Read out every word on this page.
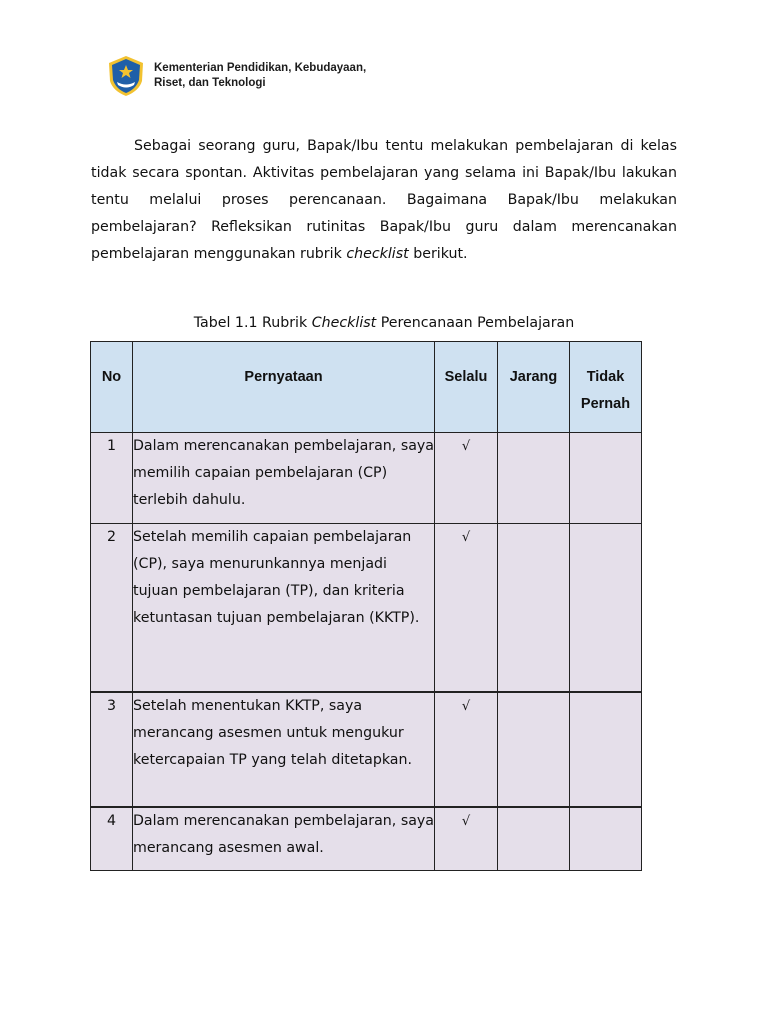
Kementerian Pendidikan, Kebudayaan,
Riset, dan Teknologi

Sebagai seorang guru, Bapak/Ibu tentu melakukan pembelajaran di kelas tidak secara spontan. Aktivitas pembelajaran yang selama ini Bapak/Ibu lakukan tentu melalui proses perencanaan. Bagaimana Bapak/Ibu melakukan pembelajaran? Refleksikan rutinitas Bapak/Ibu guru dalam merencanakan pembelajaran menggunakan rubrik checklist berikut.

Tabel 1.1 Rubrik Checklist Perencanaan Pembelajaran
No	Pernyataan	Selalu	Jarang	Tidak Pernah
1	Dalam merencanakan pembelajaran, saya memilih capaian pembelajaran (CP) terlebih dahulu.	√		
2	Setelah memilih capaian pembelajaran (CP), saya menurunkannya menjadi tujuan pembelajaran (TP), dan kriteria ketuntasan tujuan pembelajaran (KKTP).	√		
3	Setelah menentukan KKTP, saya merancang asesmen untuk mengukur ketercapaian TP yang telah ditetapkan.	√		
4	Dalam merencanakan pembelajaran, saya merancang asesmen awal.	√		
